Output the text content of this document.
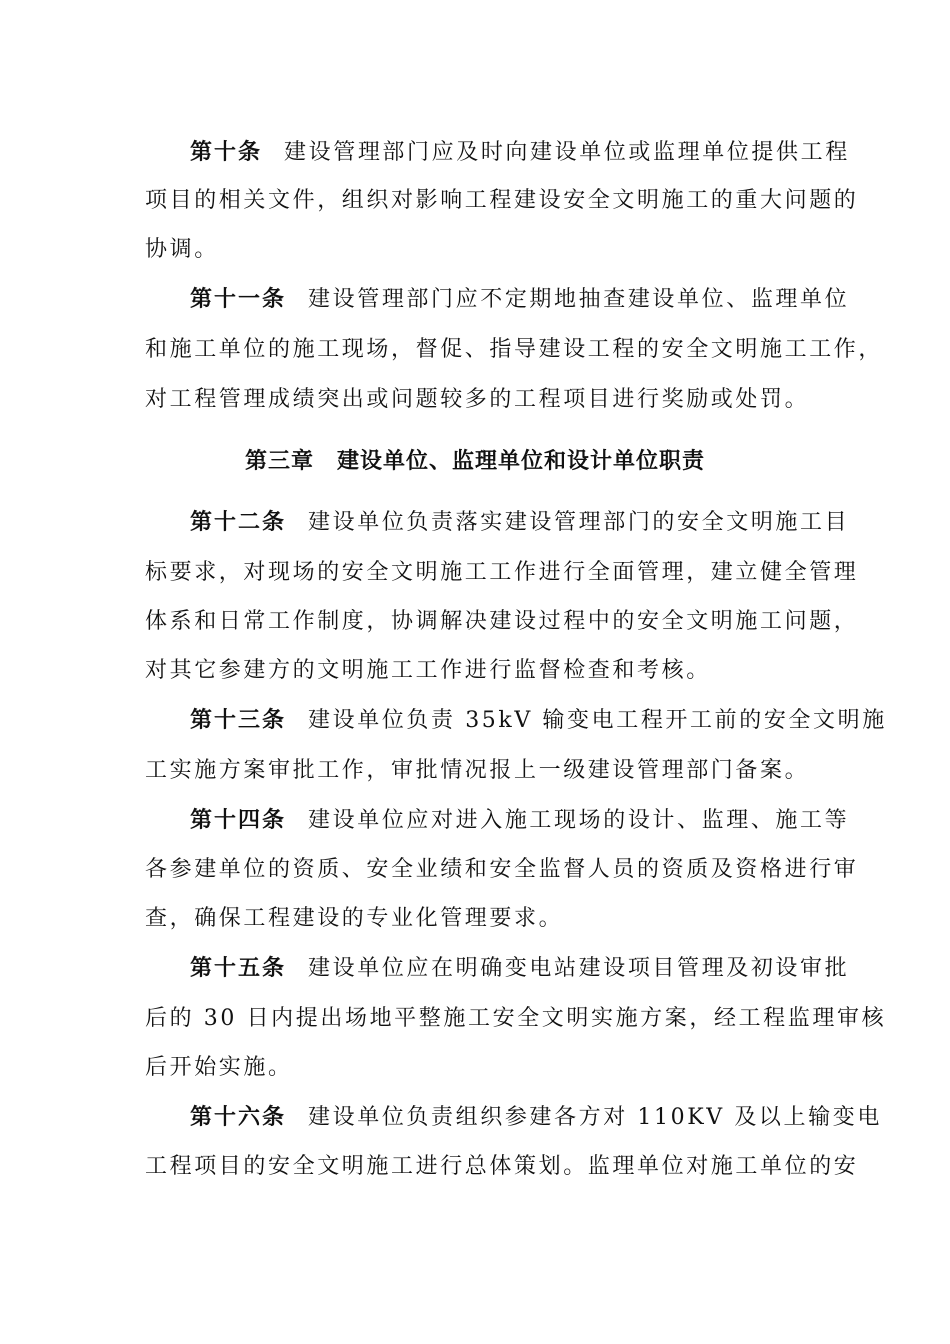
第十条 建设管理部门应及时向建设单位或监理单位提供工程
项目的相关文件，组织对影响工程建设安全文明施工的重大问题的
协调。
第十一条 建设管理部门应不定期地抽查建设单位、监理单位
和施工单位的施工现场，督促、指导建设工程的安全文明施工工作，
对工程管理成绩突出或问题较多的工程项目进行奖励或处罚。
第三章　建设单位、监理单位和设计单位职责
第十二条 建设单位负责落实建设管理部门的安全文明施工目
标要求，对现场的安全文明施工工作进行全面管理，建立健全管理
体系和日常工作制度，协调解决建设过程中的安全文明施工问题，
对其它参建方的文明施工工作进行监督检查和考核。
第十三条 建设单位负责 35kV 输变电工程开工前的安全文明施
工实施方案审批工作，审批情况报上一级建设管理部门备案。
第十四条 建设单位应对进入施工现场的设计、监理、施工等
各参建单位的资质、安全业绩和安全监督人员的资质及资格进行审
查，确保工程建设的专业化管理要求。
第十五条 建设单位应在明确变电站建设项目管理及初设审批
后的 30 日内提出场地平整施工安全文明实施方案，经工程监理审核
后开始实施。
第十六条 建设单位负责组织参建各方对 110KV 及以上输变电
工程项目的安全文明施工进行总体策划。监理单位对施工单位的安
